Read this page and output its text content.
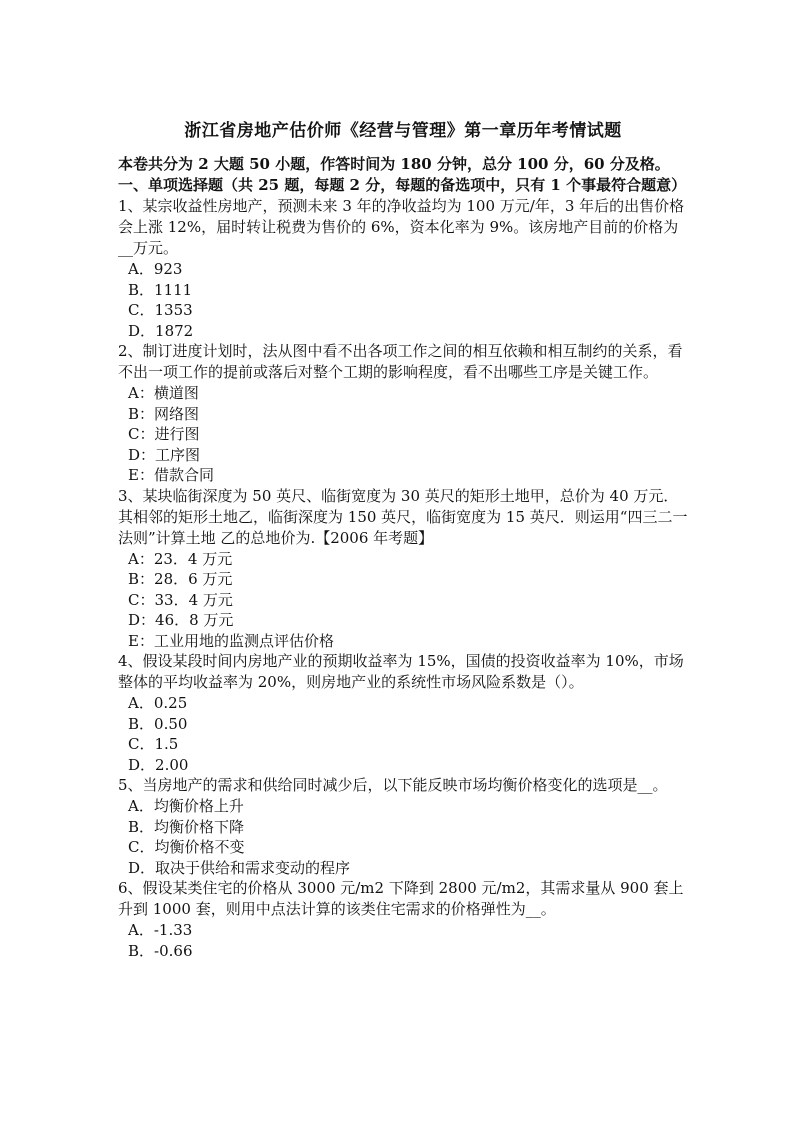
浙江省房地产估价师《经营与管理》第一章历年考情试题

本卷共分为 2 大题 50 小题，作答时间为 180 分钟，总分 100 分，60 分及格。

一、单项选择题（共 25 题，每题 2 分，每题的备选项中，只有 1 个事最符合题意）

1、某宗收益性房地产，预测未来 3 年的净收益均为 100 万元/年，3 年后的出售价格会上涨 12%，届时转让税费为售价的 6%，资本化率为 9%。该房地产目前的价格为__万元。

A．923
B．1111
C．1353
D．1872

2、制订进度计划时，法从图中看不出各项工作之间的相互依赖和相互制约的关系，看不出一项工作的提前或落后对整个工期的影响程度，看不出哪些工序是关键工作。

A：横道图
B：网络图
C：进行图
D：工序图
E：借款合同

3、某块临街深度为 50 英尺、临街宽度为 30 英尺的矩形土地甲，总价为 40 万元．其相邻的矩形土地乙，临街深度为 150 英尺，临街宽度为 15 英尺．则运用“四三二一法则”计算土地 乙的总地价为.【2006 年考题】

A：23．4 万元
B：28．6 万元
C：33．4 万元
D：46．8 万元
E：工业用地的监测点评估价格

4、假设某段时间内房地产业的预期收益率为 15%，国债的投资收益率为 10%，市场整体的平均收益率为 20%，则房地产业的系统性市场风险系数是（）。

A．0.25
B．0.50
C．1.5
D．2.00

5、当房地产的需求和供给同时减少后，以下能反映市场均衡价格变化的选项是__。

A．均衡价格上升
B．均衡价格下降
C．均衡价格不变
D．取决于供给和需求变动的程序

6、假设某类住宅的价格从 3000 元/m2 下降到 2800 元/m2，其需求量从 900 套上升到 1000 套，则用中点法计算的该类住宅需求的价格弹性为__。

A．-1.33
B．-0.66
